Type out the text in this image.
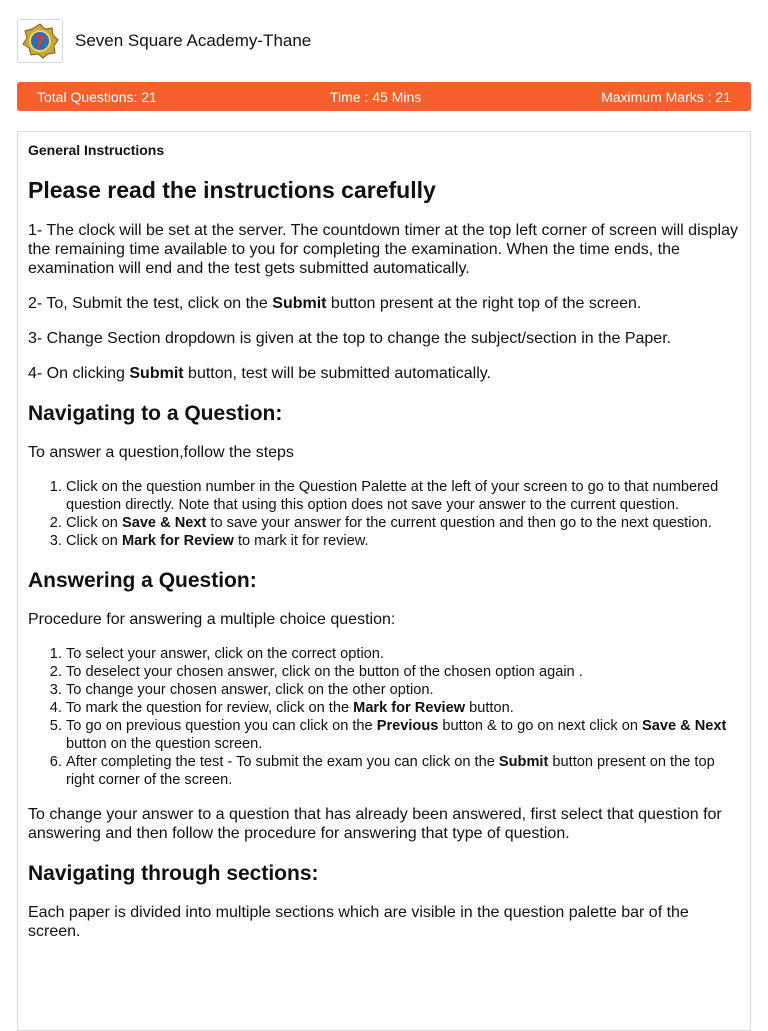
7 Seven Square Academy-Thane
Total Questions: 21	Time : 45 Mins	Maximum Marks : 21
General Instructions
Please read the instructions carefully

1- The clock will be set at the server. The countdown timer at the top left corner of screen will display the remaining time available to you for completing the examination. When the time ends, the examination will end and the test gets submitted automatically.

2- To, Submit the test, click on the Submit button present at the right top of the screen.

3- Change Section dropdown is given at the top to change the subject/section in the Paper.

4- On clicking Submit button, test will be submitted automatically.

Navigating to a Question:

To answer a question,follow the steps

1. Click on the question number in the Question Palette at the left of your screen to go to that numbered question directly. Note that using this option does not save your answer to the current question.
2. Click on Save & Next to save your answer for the current question and then go to the next question.
3. Click on Mark for Review to mark it for review.
Answering a Question:

Procedure for answering a multiple choice question:

1. To select your answer, click on the correct option.
2. To deselect your chosen answer, click on the button of the chosen option again .
3. To change your chosen answer, click on the other option.
4. To mark the question for review, click on the Mark for Review button.
5. To go on previous question you can click on the Previous button & to go on next click on Save & Next button on the question screen.
6. After completing the test - To submit the exam you can click on the Submit button present on the top right corner of the screen.

To change your answer to a question that has already been answered, first select that question for answering and then follow the procedure for answering that type of question.

Navigating through sections:

Each paper is divided into multiple sections which are visible in the question palette bar of the screen.
